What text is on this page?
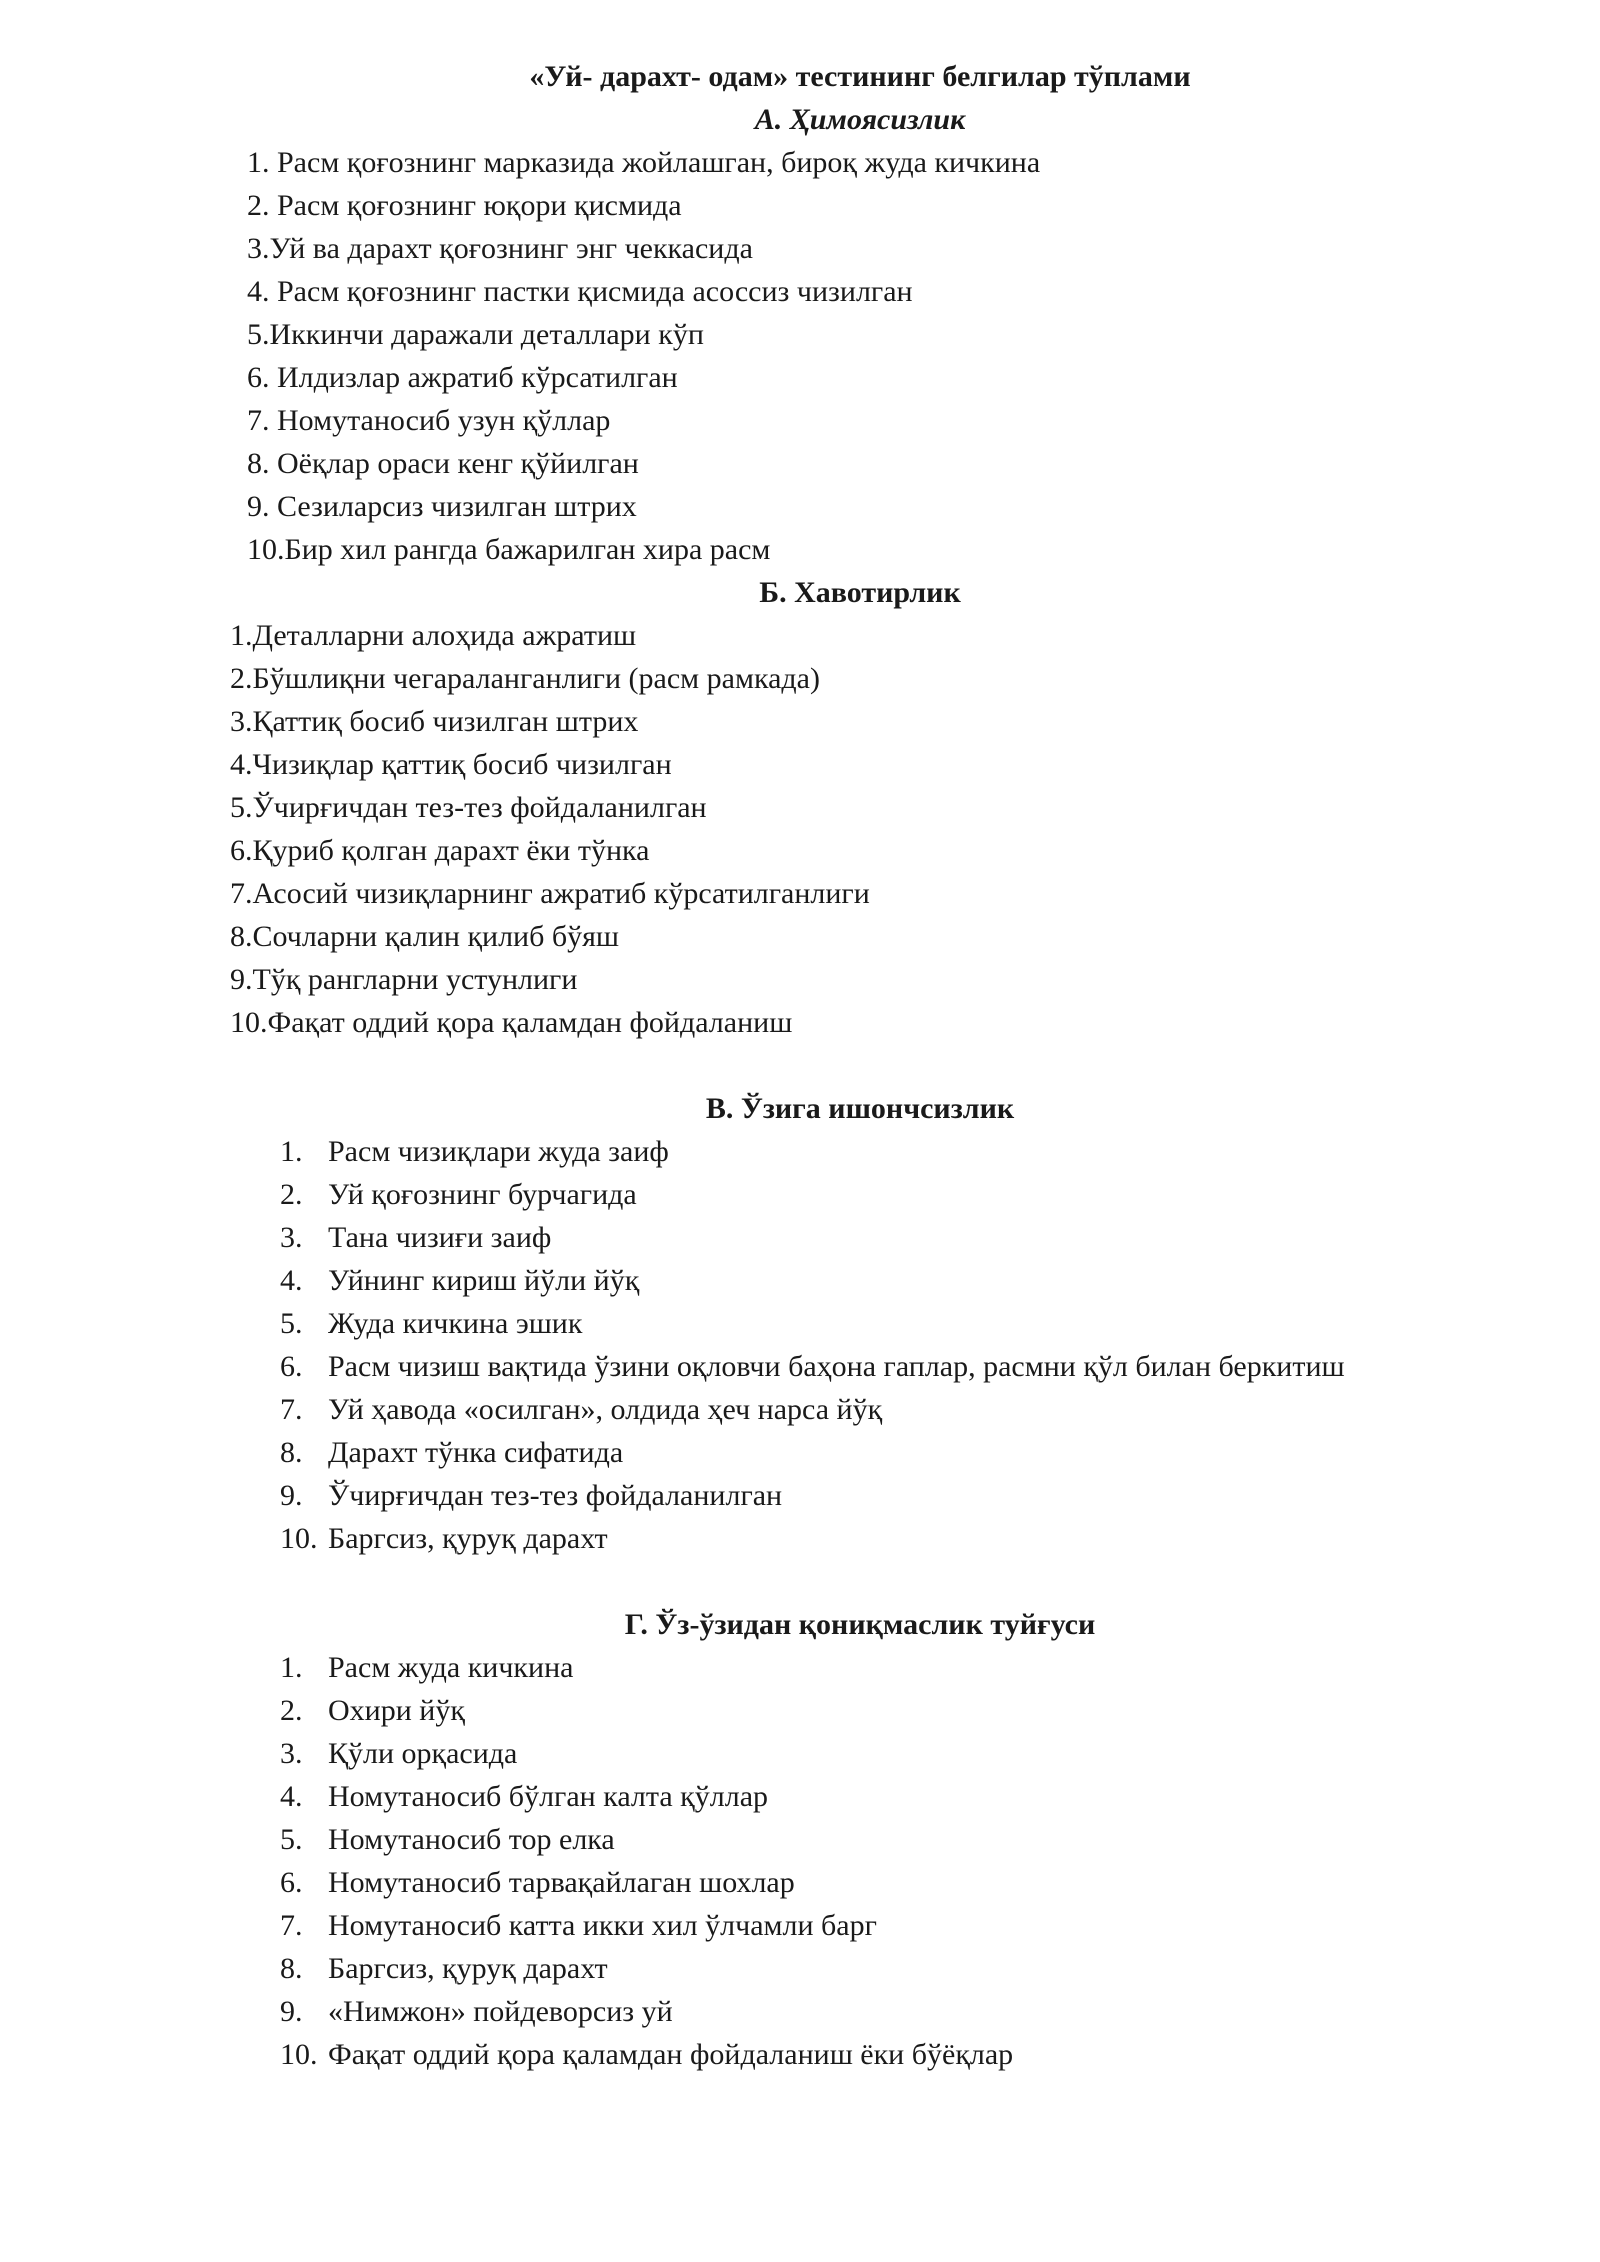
«Уй- дарахт- одам» тестининг белгилар тўплами
А. Ҳимоясизлик
1. Расм қоғознинг марказида жойлашган, бироқ жуда кичкина
2. Расм қоғознинг юқори қисмида
3.Уй ва дарахт қоғознинг энг чеккасида
4. Расм қоғознинг пастки қисмида асоссиз чизилган
5.Иккинчи даражали деталлари кўп
6. Илдизлар ажратиб кўрсатилган
7. Номутаносиб узун қўллар
8. Оёқлар ораси кенг қўйилган
9. Сезиларсиз чизилган штрих
10.Бир хил рангда бажарилган хира расм
Б. Хавотирлик
1.Деталларни алоҳида ажратиш
2.Бўшлиқни чегараланганлиги (расм рамкада)
3.Қаттиқ босиб чизилган штрих
4.Чизиқлар қаттиқ босиб чизилган
5.Ўчирғичдан тез-тез фойдаланилган
6.Қуриб қолган дарахт ёки тўнка
7.Асосий чизиқларнинг ажратиб кўрсатилганлиги
8.Сочларни қалин қилиб бўяш
9.Тўқ рангларни устунлиги
10.Фақат оддий қора қаламдан фойдаланиш
В. Ўзига ишончсизлик
1. Расм чизиқлари жуда заиф
2. Уй қоғознинг бурчагида
3. Тана чизиғи заиф
4. Уйнинг кириш йўли йўқ
5. Жуда кичкина эшик
6. Расм чизиш вақтида ўзини оқловчи баҳона гаплар, расмни қўл билан беркитиш
7. Уй ҳавода «осилган», олдида ҳеч нарса йўқ
8. Дарахт тўнка сифатида
9. Ўчирғичдан тез-тез фойдаланилган
10. Баргсиз, қуруқ дарахт
Г. Ўз-ўзидан қониқмаслик туйғуси
1. Расм жуда кичкина
2. Охири йўқ
3. Қўли орқасида
4. Номутаносиб бўлган калта қўллар
5. Номутаносиб тор елка
6. Номутаносиб тарвақайлаган шохлар
7. Номутаносиб катта икки хил ўлчамли барг
8. Баргсиз, қуруқ дарахт
9. «Нимжон» пойдеворсиз уй
10. Фақат оддий қора қаламдан фойдаланиш ёки бўёқлар
